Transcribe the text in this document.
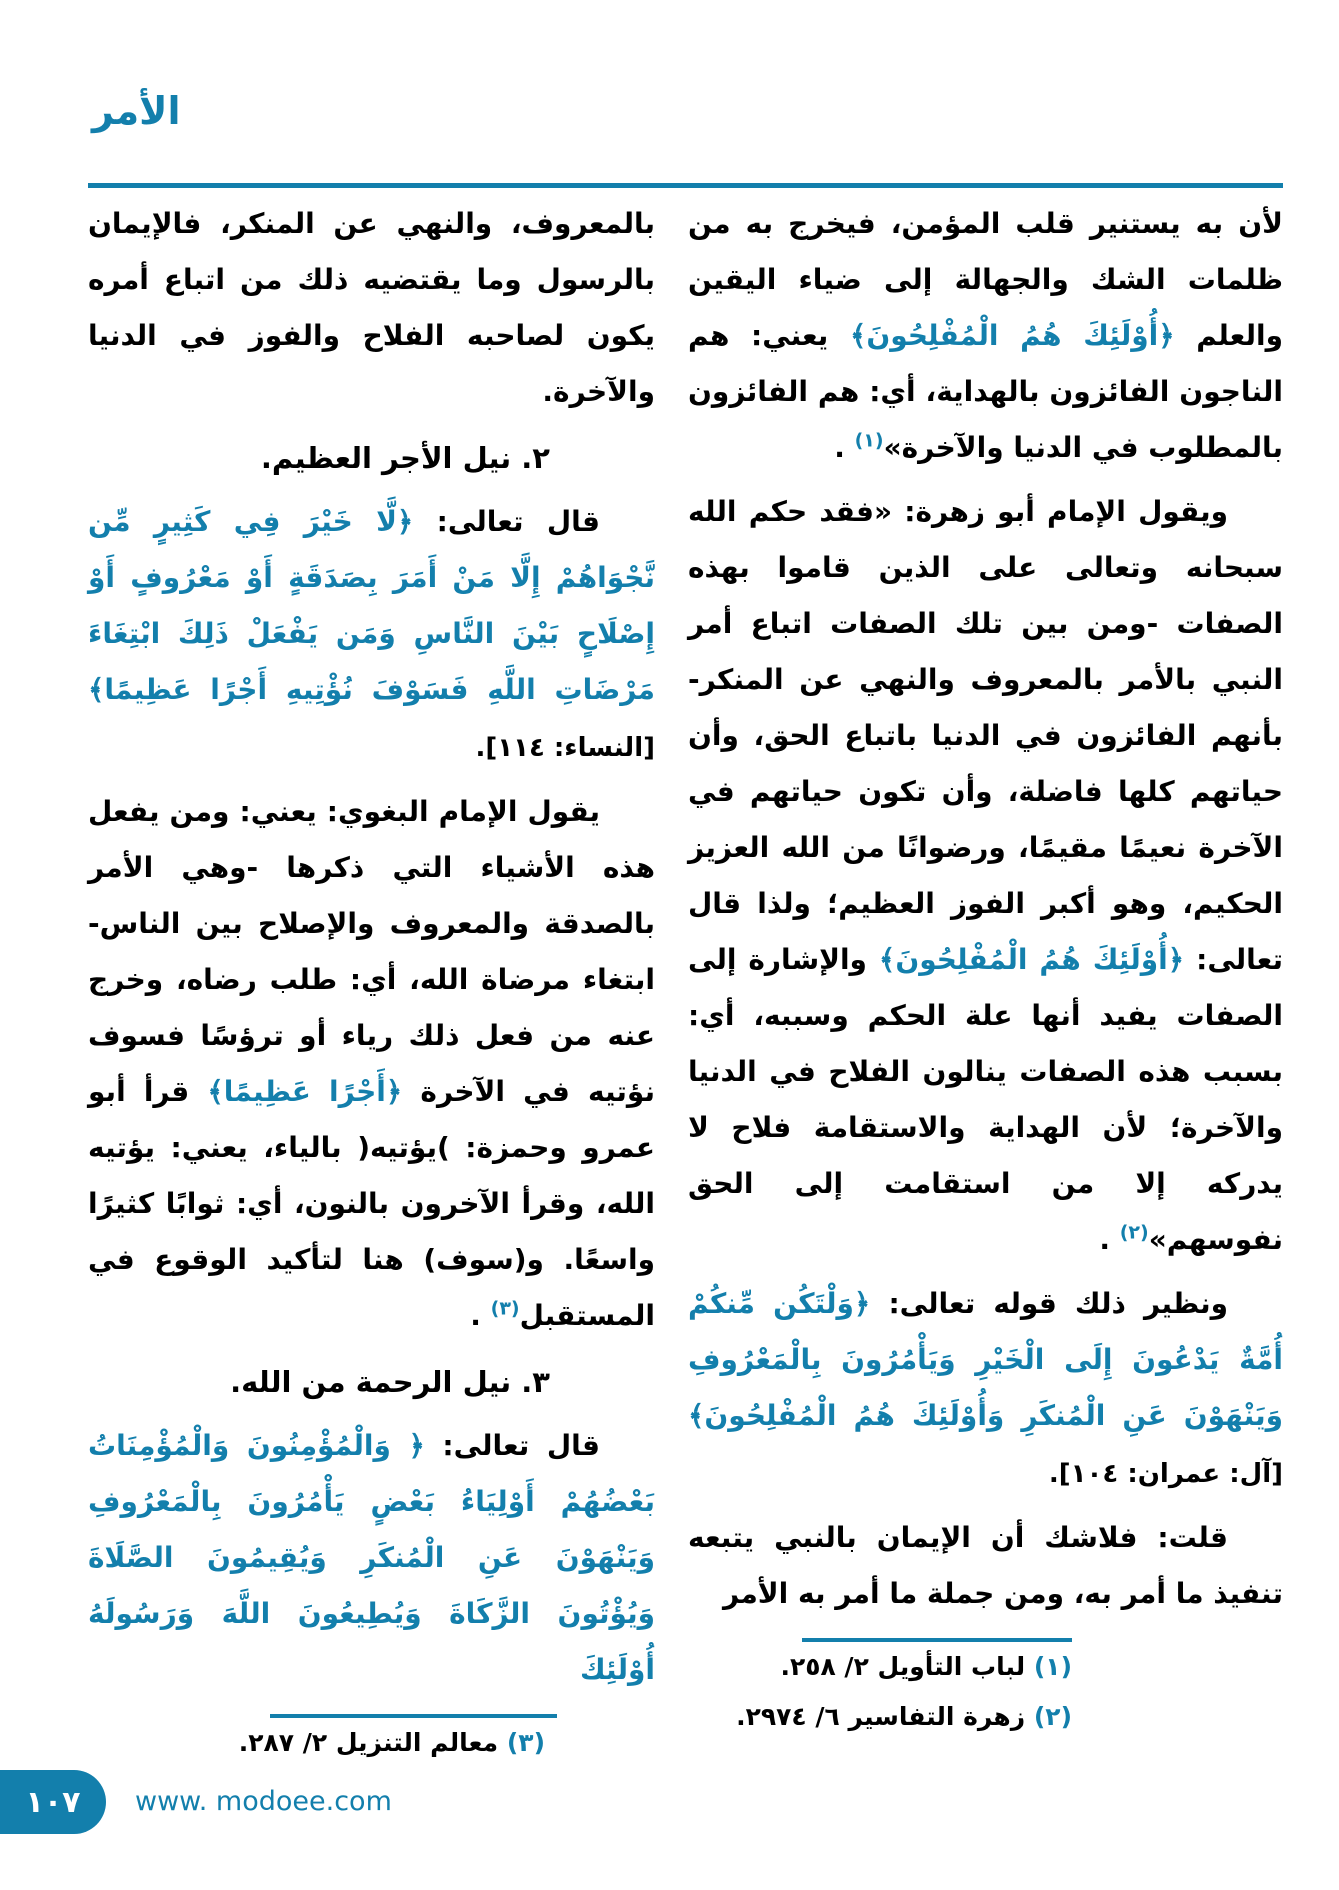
الأمر

لأن به يستنير قلب المؤمن، فيخرج به من ظلمات الشك والجهالة إلى ضياء اليقين والعلم ﴿أُوْلَئِكَ هُمُ الْمُفْلِحُونَ﴾ يعني: هم الناجون الفائزون بالهداية، أي: هم الفائزون بالمطلوب في الدنيا والآخرة»$^{(١)}$ .

ويقول الإمام أبو زهرة: «فقد حكم الله سبحانه وتعالى على الذين قاموا بهذه الصفات -ومن بين تلك الصفات اتباع أمر النبي بالأمر بالمعروف والنهي عن المنكر- بأنهم الفائزون في الدنيا باتباع الحق، وأن حياتهم كلها فاضلة، وأن تكون حياتهم في الآخرة نعيمًا مقيمًا، ورضوانًا من الله العزيز الحكيم، وهو أكبر الفوز العظيم؛ ولذا قال تعالى: ﴿أُوْلَئِكَ هُمُ الْمُفْلِحُونَ﴾ والإشارة إلى الصفات يفيد أنها علة الحكم وسببه، أي: بسبب هذه الصفات ينالون الفلاح في الدنيا والآخرة؛ لأن الهداية والاستقامة فلاح لا يدركه إلا من استقامت إلى الحق نفوسهم»$^{(٢)}$ .

ونظير ذلك قوله تعالى: ﴿وَلْتَكُن مِّنكُمْ أُمَّةٌ يَدْعُونَ إِلَى الْخَيْرِ وَيَأْمُرُونَ بِالْمَعْرُوفِ وَيَنْهَوْنَ عَنِ الْمُنكَرِ وَأُوْلَئِكَ هُمُ الْمُفْلِحُونَ﴾ [آل: عمران: ١٠٤].

قلت: فلاشك أن الإيمان بالنبي يتبعه تنفيذ ما أمر به، ومن جملة ما أمر به الأمر

(١) لباب التأويل ٢/ ٢٥٨.
(٢) زهرة التفاسير ٦/ ٢٩٧٤.

بالمعروف، والنهي عن المنكر، فالإيمان بالرسول وما يقتضيه ذلك من اتباع أمره يكون لصاحبه الفلاح والفوز في الدنيا والآخرة.

٢. نيل الأجر العظيم.

قال تعالى: ﴿لَّا خَيْرَ فِي كَثِيرٍ مِّن نَّجْوَاهُمْ إِلَّا مَنْ أَمَرَ بِصَدَقَةٍ أَوْ مَعْرُوفٍ أَوْ إِصْلَاحٍ بَيْنَ النَّاسِ وَمَن يَفْعَلْ ذَلِكَ ابْتِغَاءَ مَرْضَاتِ اللَّهِ فَسَوْفَ نُؤْتِيهِ أَجْرًا عَظِيمًا﴾ [النساء: ١١٤].

يقول الإمام البغوي: يعني: ومن يفعل هذه الأشياء التي ذكرها -وهي الأمر بالصدقة والمعروف والإصلاح بين الناس- ابتغاء مرضاة الله، أي: طلب رضاه، وخرج عنه من فعل ذلك رياء أو ترؤسًا فسوف نؤتيه في الآخرة ﴿أَجْرًا عَظِيمًا﴾ قرأ أبو عمرو وحمزة: )يؤتيه( بالياء، يعني: يؤتيه الله، وقرأ الآخرون بالنون، أي: ثوابًا كثيرًا واسعًا. و(سوف) هنا لتأكيد الوقوع في المستقبل$^{(٣)}$ .

٣. نيل الرحمة من الله.

قال تعالى: ﴿ وَالْمُؤْمِنُونَ وَالْمُؤْمِنَاتُ بَعْضُهُمْ أَوْلِيَاءُ بَعْضٍ يَأْمُرُونَ بِالْمَعْرُوفِ وَيَنْهَوْنَ عَنِ الْمُنكَرِ وَيُقِيمُونَ الصَّلَاةَ وَيُؤْتُونَ الزَّكَاةَ وَيُطِيعُونَ اللَّهَ وَرَسُولَهُ أُوْلَئِكَ

(٣) معالم التنزيل ٢/ ٢٨٧.
١٠٧ www. modoee.com
